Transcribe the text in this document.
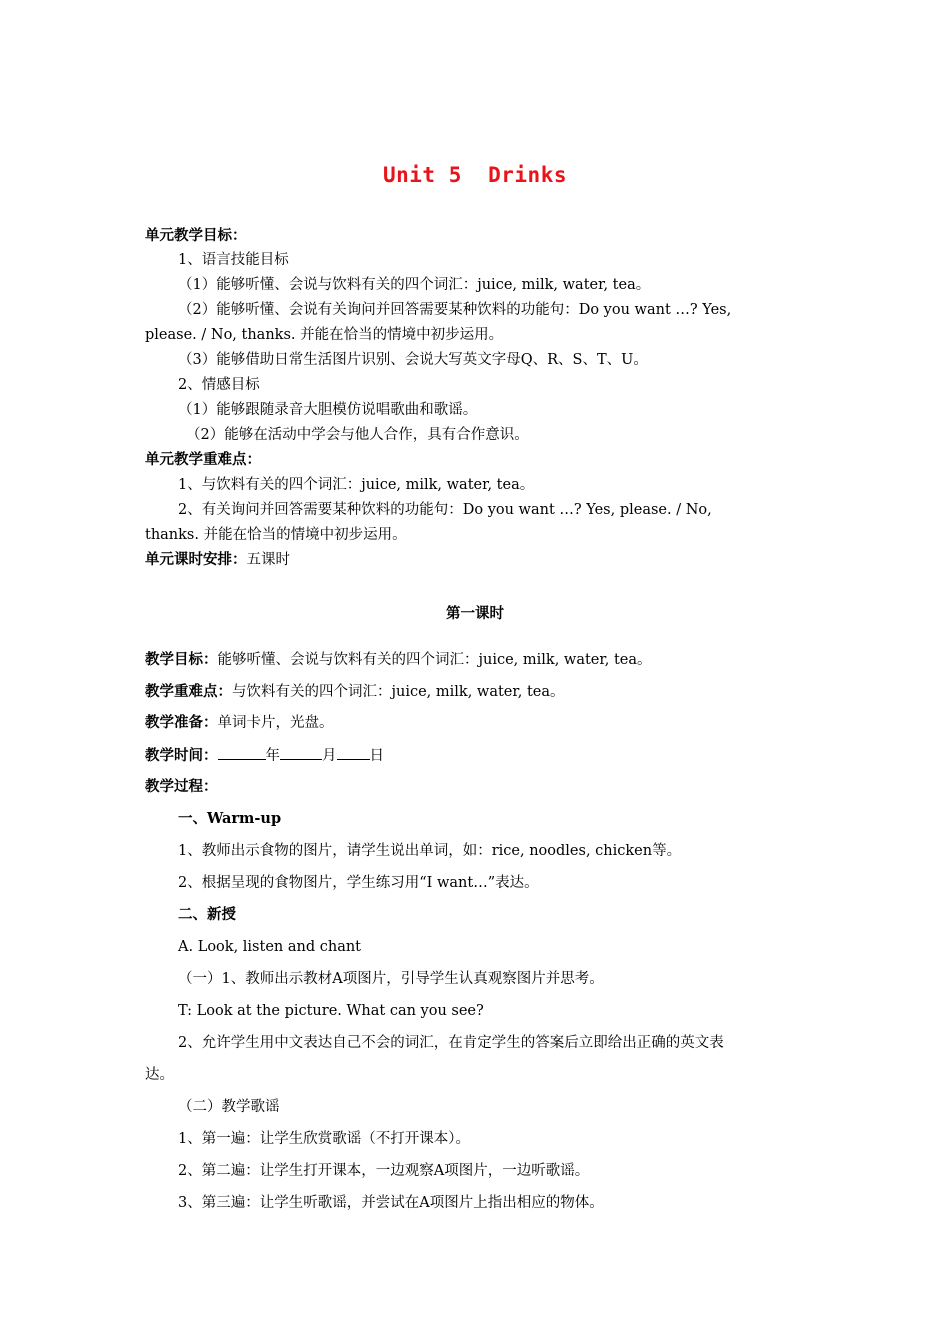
Unit 5  Drinks
单元教学目标：
1、语言技能目标
（1）能够听懂、会说与饮料有关的四个词汇：juice, milk, water, tea。
（2）能够听懂、会说有关询问并回答需要某种饮料的功能句：Do you want …? Yes,
please. / No, thanks. 并能在恰当的情境中初步运用。
（3）能够借助日常生活图片识别、会说大写英文字母Q、R、S、T、U。
2、情感目标
（1）能够跟随录音大胆模仿说唱歌曲和歌谣。
（2）能够在活动中学会与他人合作，具有合作意识。
单元教学重难点：
1、与饮料有关的四个词汇：juice, milk, water, tea。
2、有关询问并回答需要某种饮料的功能句：Do you want …? Yes, please. / No,
thanks. 并能在恰当的情境中初步运用。
单元课时安排：五课时
第一课时
教学目标：能够听懂、会说与饮料有关的四个词汇：juice, milk, water, tea。
教学重难点：与饮料有关的四个词汇：juice, milk, water, tea。
教学准备：单词卡片，光盘。
教学时间：	年	月 日
教学过程：
一、Warm-up
1、教师出示食物的图片，请学生说出单词，如：rice, noodles, chicken等。
2、根据呈现的食物图片，学生练习用“I want…”表达。
二、新授
A. Look, listen and chant
（一）1、教师出示教材A项图片，引导学生认真观察图片并思考。
T: Look at the picture. What can you see?
2、允许学生用中文表达自己不会的词汇，在肯定学生的答案后立即给出正确的英文表
达。
（二）教学歌谣
1、第一遍：让学生欣赏歌谣（不打开课本）。
2、第二遍：让学生打开课本，一边观察A项图片，一边听歌谣。
3、第三遍：让学生听歌谣，并尝试在A项图片上指出相应的物体。
